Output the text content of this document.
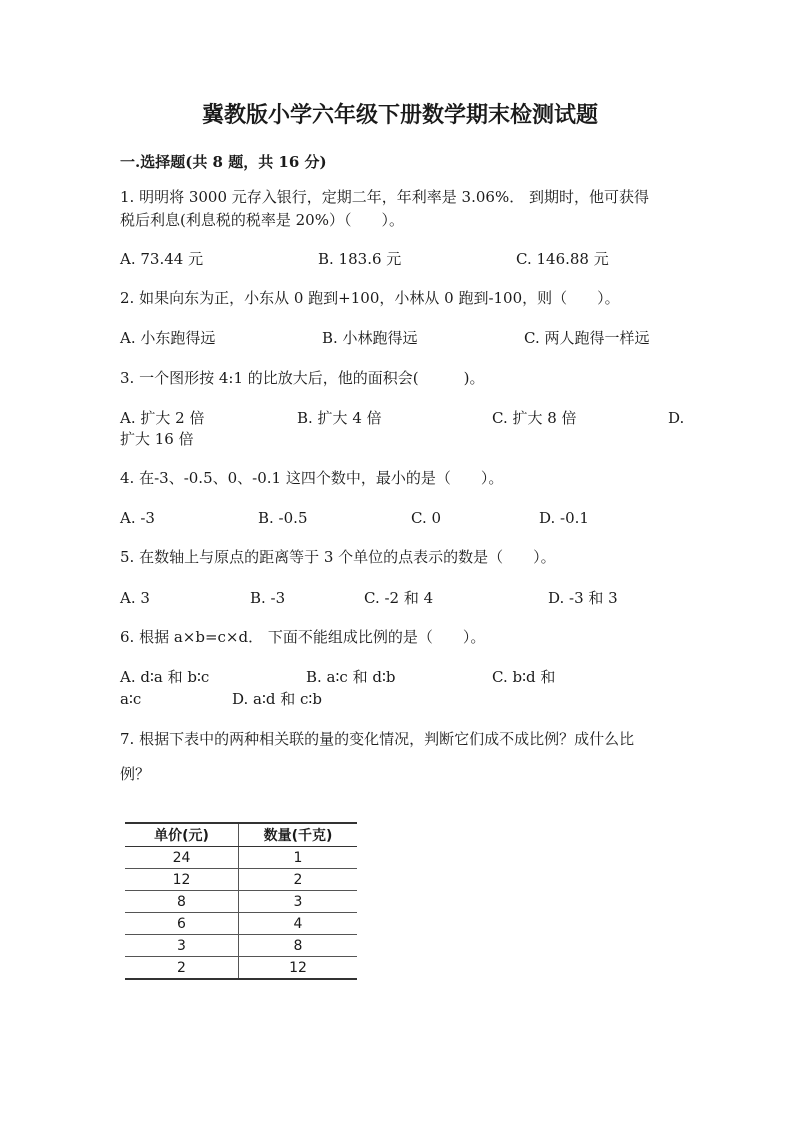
冀教版小学六年级下册数学期末检测试题
一.选择题(共 8 题，共 16 分)
1. 明明将 3000 元存入银行，定期二年，年利率是 3.06%． 到期时，他可获得
税后利息(利息税的税率是 20%）（　　）。
A. 73.44 元	B. 183.6 元	C. 146.88 元
2. 如果向东为正，小东从 0 跑到+100，小林从 0 跑到-100，则（　　）。
A. 小东跑得远	B. 小林跑得远	C. 两人跑得一样远
3. 一个图形按 4:1 的比放大后，他的面积会(　　　)。
A. 扩大 2 倍	B. 扩大 4 倍	C. 扩大 8 倍	D.
扩大 16 倍
4. 在-3、-0.5、0、-0.1 这四个数中，最小的是（　　）。
A. -3	B. -0.5	C. 0	D. -0.1
5. 在数轴上与原点的距离等于 3 个单位的点表示的数是（　　）。
A. 3	B. -3	C. -2 和 4	D. -3 和 3
6. 根据 a×b=c×d． 下面不能组成比例的是（　　）。
A. d∶a 和 b∶c	B. a∶c 和 d∶b	C. b∶d 和
a∶c	D. a∶d 和 c∶b
7. 根据下表中的两种相关联的量的变化情况，判断它们成不成比例？成什么比
例？
单价(元)	数量(千克)
24	1
12	2
8	3
6	4
3	8
2	12
